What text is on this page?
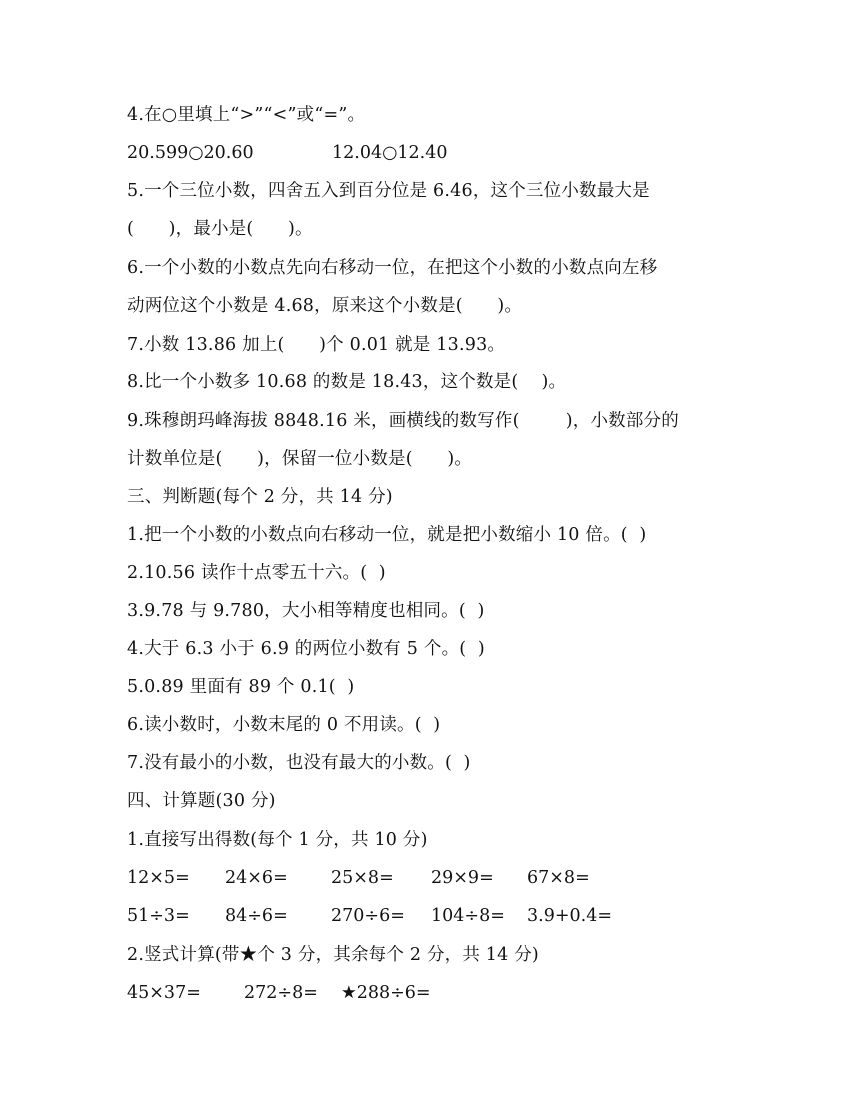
4.在○里填上“>”“<”或“=”。
20.599○20.60	12.04○12.40
5.一个三位小数，四舍五入到百分位是 6.46，这个三位小数最大是
(      )，最小是(      )。
6.一个小数的小数点先向右移动一位，在把这个小数的小数点向左移
动两位这个小数是 4.68，原来这个小数是(      )。
7.小数 13.86 加上(      )个 0.01 就是 13.93。
8.比一个小数多 10.68 的数是 18.43，这个数是(    )。
9.珠穆朗玛峰海拔 8848.16 米，画横线的数写作(        )，小数部分的
计数单位是(      )，保留一位小数是(      )。
三、判断题(每个 2 分，共 14 分)
1.把一个小数的小数点向右移动一位，就是把小数缩小 10 倍。(  )
2.10.56 读作十点零五十六。(  )
3.9.78 与 9.780，大小相等精度也相同。(  )
4.大于 6.3 小于 6.9 的两位小数有 5 个。(  )
5.0.89 里面有 89 个 0.1(  )
6.读小数时，小数末尾的 0 不用读。(  )
7.没有最小的小数，也没有最大的小数。(  )
四、计算题(30 分)
1.直接写出得数(每个 1 分，共 10 分)
12×5= 24×6= 25×8= 29×9= 67×8=
51÷3= 84÷6= 270÷6= 104÷8= 3.9+0.4=
2.竖式计算(带★个 3 分，其余每个 2 分，共 14 分)
45×37= 272÷8= ★288÷6=
